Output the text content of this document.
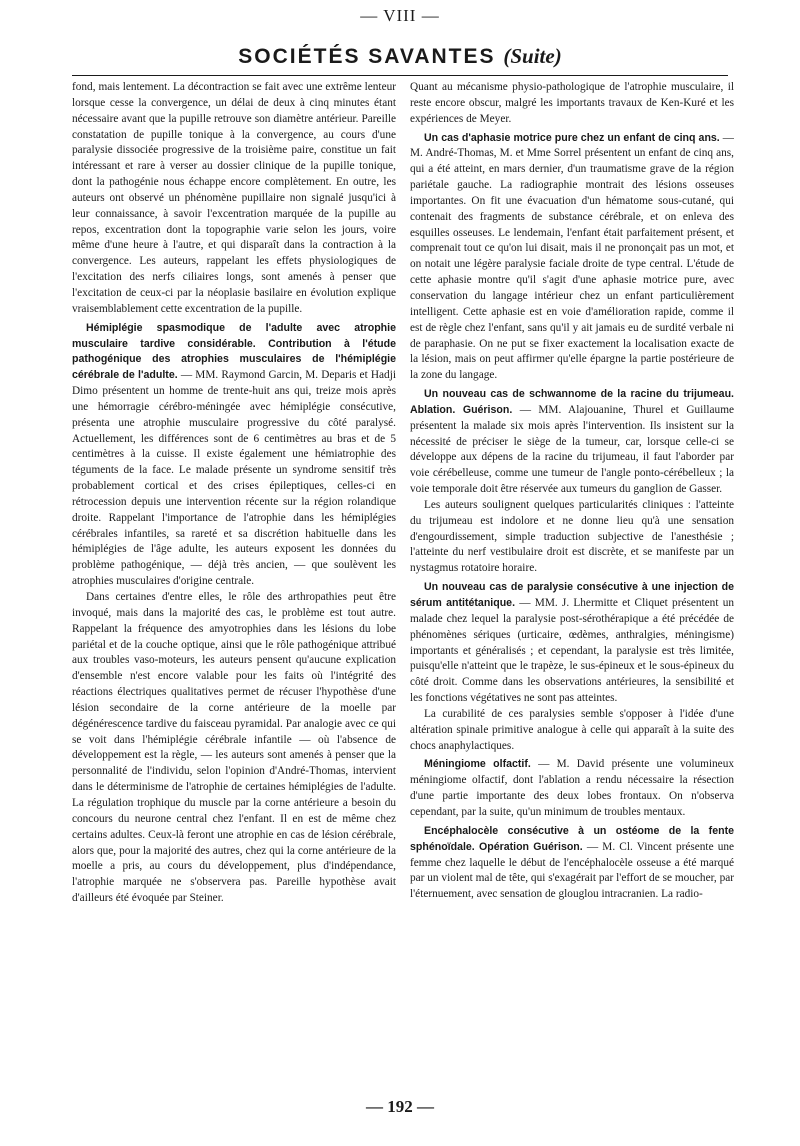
— VIII —
SOCIÉTÉS SAVANTES (Suite)

fond, mais lentement. La décontraction se fait avec une extrême lenteur lorsque cesse la convergence, un délai de deux à cinq minutes étant nécessaire avant que la pupille retrouve son diamètre antérieur. Pareille constatation de pupille tonique à la convergence, au cours d'une paralysie dissociée progressive de la troisième paire, constitue un fait intéressant et rare à verser au dossier clinique de la pupille tonique, dont la pathogénie nous échappe encore complètement. En outre, les auteurs ont observé un phénomène pupillaire non signalé jusqu'ici à leur connaissance, à savoir l'excentration marquée de la pupille au repos, excentration dont la topographie varie selon les jours, voire même d'une heure à l'autre, et qui disparaît dans la contraction à la convergence. Les auteurs, rappelant les effets physiologiques de l'excitation des nerfs ciliaires longs, sont amenés à penser que l'excitation de ceux-ci par la néoplasie basilaire en évolution explique vraisemblablement cette excentration de la pupille.

Hémiplégie spasmodique de l'adulte avec atrophie musculaire tardive considérable. Contribution à l'étude pathogénique des atrophies musculaires de l'hémiplégie cérébrale de l'adulte. — MM. Raymond Garcin, M. Deparis et Hadji Dimo présentent un homme de trente-huit ans qui, treize mois après une hémorragie cérébro-méningée avec hémiplégie consécutive, présenta une atrophie musculaire progressive du côté paralysé. Actuellement, les différences sont de 6 centimètres au bras et de 5 centimètres à la cuisse. Il existe également une hémiatrophie des téguments de la face. Le malade présente un syndrome sensitif très probablement cortical et des crises épileptiques, celles-ci en rétrocession depuis une intervention récente sur la région rolandique droite. Rappelant l'importance de l'atrophie dans les hémiplégies cérébrales infantiles, sa rareté et sa discrétion habituelle dans les hémiplégies de l'âge adulte, les auteurs exposent les données du problème pathogénique, — déjà très ancien, — que soulèvent les atrophies musculaires d'origine centrale.

Dans certaines d'entre elles, le rôle des arthropathies peut être invoqué, mais dans la majorité des cas, le problème est tout autre. Rappelant la fréquence des amyotrophies dans les lésions du lobe pariétal et de la couche optique, ainsi que le rôle pathogénique attribué aux troubles vaso-moteurs, les auteurs pensent qu'aucune explication d'ensemble n'est encore valable pour les faits où l'intégrité des réactions électriques qualitatives permet de récuser l'hypothèse d'une lésion secondaire de la corne antérieure de la moelle par dégénérescence tardive du faisceau pyramidal. Par analogie avec ce qui se voit dans l'hémiplégie cérébrale infantile — où l'absence de développement est la règle, — les auteurs sont amenés à penser que la personnalité de l'individu, selon l'opinion d'André-Thomas, intervient dans le déterminisme de l'atrophie de certaines hémiplégies de l'adulte. La régulation trophique du muscle par la corne antérieure a besoin du concours du neurone central chez l'enfant. Il en est de même chez certains adultes. Ceux-là feront une atrophie en cas de lésion cérébrale, alors que, pour la majorité des autres, chez qui la corne antérieure de la moelle a pris, au cours du développement, plus d'indépendance, l'atrophie marquée ne s'observera pas. Pareille hypothèse avait d'ailleurs été évoquée par Steiner.

Quant au mécanisme physio-pathologique de l'atrophie musculaire, il reste encore obscur, malgré les importants travaux de Ken-Kuré et les expériences de Meyer.

Un cas d'aphasie motrice pure chez un enfant de cinq ans. — M. André-Thomas, M. et Mme Sorrel présentent un enfant de cinq ans, qui a été atteint, en mars dernier, d'un traumatisme grave de la région pariétale gauche. La radiographie montrait des lésions osseuses importantes. On fit une évacuation d'un hématome sous-cutané, qui contenait des fragments de substance cérébrale, et on enleva des esquilles osseuses. Le lendemain, l'enfant était parfaitement présent, et comprenait tout ce qu'on lui disait, mais il ne prononçait pas un mot, et on notait une légère paralysie faciale droite de type central. L'étude de cette aphasie montre qu'il s'agit d'une aphasie motrice pure, avec conservation du langage intérieur chez un enfant particulièrement intelligent. Cette aphasie est en voie d'amélioration rapide, comme il est de règle chez l'enfant, sans qu'il y ait jamais eu de surdité verbale ni de paraphasie. On ne put se fixer exactement la localisation exacte de la lésion, mais on peut affirmer qu'elle épargne la partie postérieure de la zone du langage.

Un nouveau cas de schwannome de la racine du trijumeau. Ablation. Guérison. — MM. Alajouanine, Thurel et Guillaume présentent la malade six mois après l'intervention. Ils insistent sur la nécessité de préciser le siège de la tumeur, car, lorsque celle-ci se développe aux dépens de la racine du trijumeau, il faut l'aborder par voie cérébelleuse, comme une tumeur de l'angle ponto-cérébelleux ; la voie temporale doit être réservée aux tumeurs du ganglion de Gasser.

Les auteurs soulignent quelques particularités cliniques : l'atteinte du trijumeau est indolore et ne donne lieu qu'à une sensation d'engourdissement, simple traduction subjective de l'anesthésie ; l'atteinte du nerf vestibulaire droit est discrète, et se manifeste par un nystagmus rotatoire horaire.

Un nouveau cas de paralysie consécutive à une injection de sérum antitétanique. — MM. J. Lhermitte et Cliquet présentent un malade chez lequel la paralysie post-sérothérapique a été précédée de phénomènes sériques (urticaire, œdèmes, anthralgies, méningisme) importants et généralisés ; et cependant, la paralysie est très limitée, puisqu'elle n'atteint que le trapèze, le sus-épineux et le sous-épineux du côté droit. Comme dans les observations antérieures, la sensibilité et les fonctions végétatives ne sont pas atteintes.

La curabilité de ces paralysies semble s'opposer à l'idée d'une altération spinale primitive analogue à celle qui apparaît à la suite des chocs anaphylactiques.

Méningiome olfactif. — M. David présente une volumineux méningiome olfactif, dont l'ablation a rendu nécessaire la résection d'une partie importante des deux lobes frontaux. On n'observa cependant, par la suite, qu'un minimum de troubles mentaux.

Encéphalocèle consécutive à un ostéome de la fente sphénoïdale. Opération Guérison. — M. Cl. Vincent présente une femme chez laquelle le début de l'encéphalocèle osseuse a été marqué par un violent mal de tête, qui s'exagérait par l'effort de se moucher, par l'éternuement, avec sensation de glouglou intracranien. La radio-

— 192 —
